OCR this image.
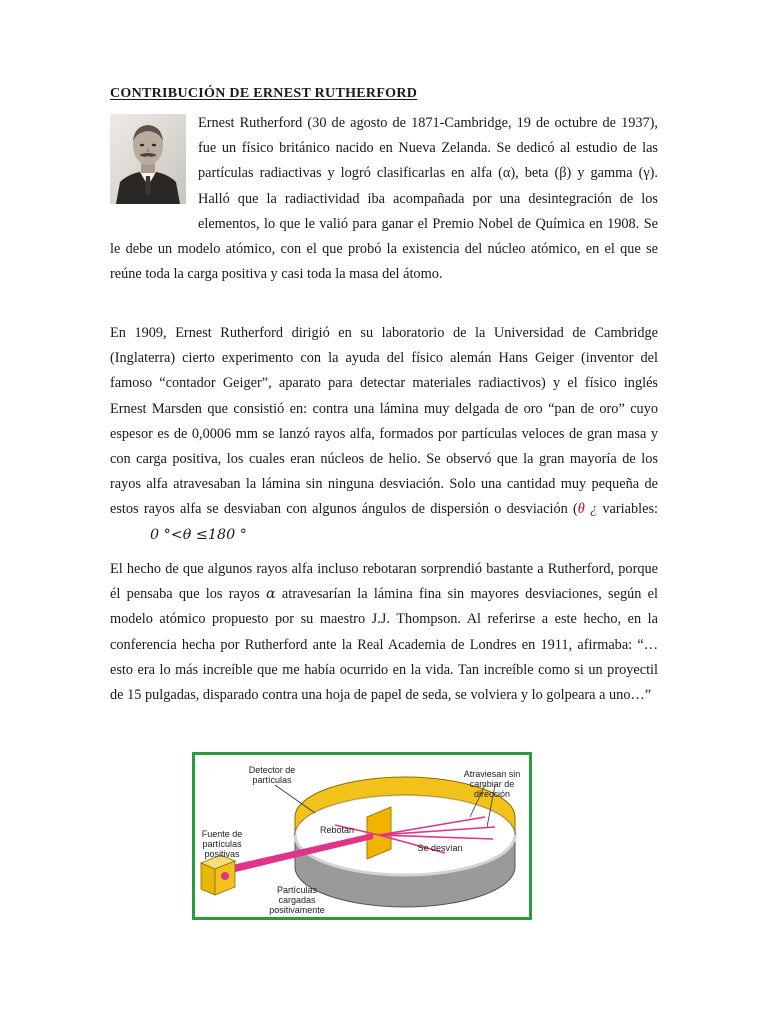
CONTRIBUCIÓN DE ERNEST RUTHERFORD
Ernest Rutherford (30 de agosto de 1871-Cambridge, 19 de octubre de 1937), fue un físico británico nacido en Nueva Zelanda. Se dedicó al estudio de las partículas radiactivas y logró clasificarlas en alfa (α), beta (β) y gamma (γ). Halló que la radiactividad iba acompañada por una desintegración de los elementos, lo que le valió para ganar el Premio Nobel de Química en 1908. Se le debe un modelo atómico, con el que probó la existencia del núcleo atómico, en el que se reúne toda la carga positiva y casi toda la masa del átomo.
En 1909, Ernest Rutherford dirigió en su laboratorio de la Universidad de Cambridge (Inglaterra) cierto experimento con la ayuda del físico alemán Hans Geiger (inventor del famoso “contador Geiger”, aparato para detectar materiales radiactivos) y el físico inglés Ernest Marsden que consistió en: contra una lámina muy delgada de oro “pan de oro” cuyo espesor es de 0,0006 mm se lanzó rayos alfa, formados por partículas veloces de gran masa y con carga positiva, los cuales eran núcleos de helio. Se observó que la gran mayoría de los rayos alfa atravesaban la lámina sin ninguna desviación. Solo una cantidad muy pequeña de estos rayos alfa se desviaban con algunos ángulos de dispersión o desviación (θ ¿ variables: 0 °<θ ≤180 °
El hecho de que algunos rayos alfa incluso rebotaran sorprendió bastante a Rutherford, porque él pensaba que los rayos α atravesarían la lámina fina sin mayores desviaciones, según el modelo atómico propuesto por su maestro J.J. Thompson. Al referirse a este hecho, en la conferencia hecha por Rutherford ante la Real Academia de Londres en 1911, afirmaba: “…esto era lo más increíble que me había ocurrido en la vida. Tan increíble como si un proyectil de 15 pulgadas, disparado contra una hoja de papel de seda, se volviera y lo golpeara a uno…”
Detector de
partículas
Atraviesan sin
cambiar de
dirección
Rebotan
Se desvían
Fuente de
partículas
positivas
Partículas
cargadas
positivamente
